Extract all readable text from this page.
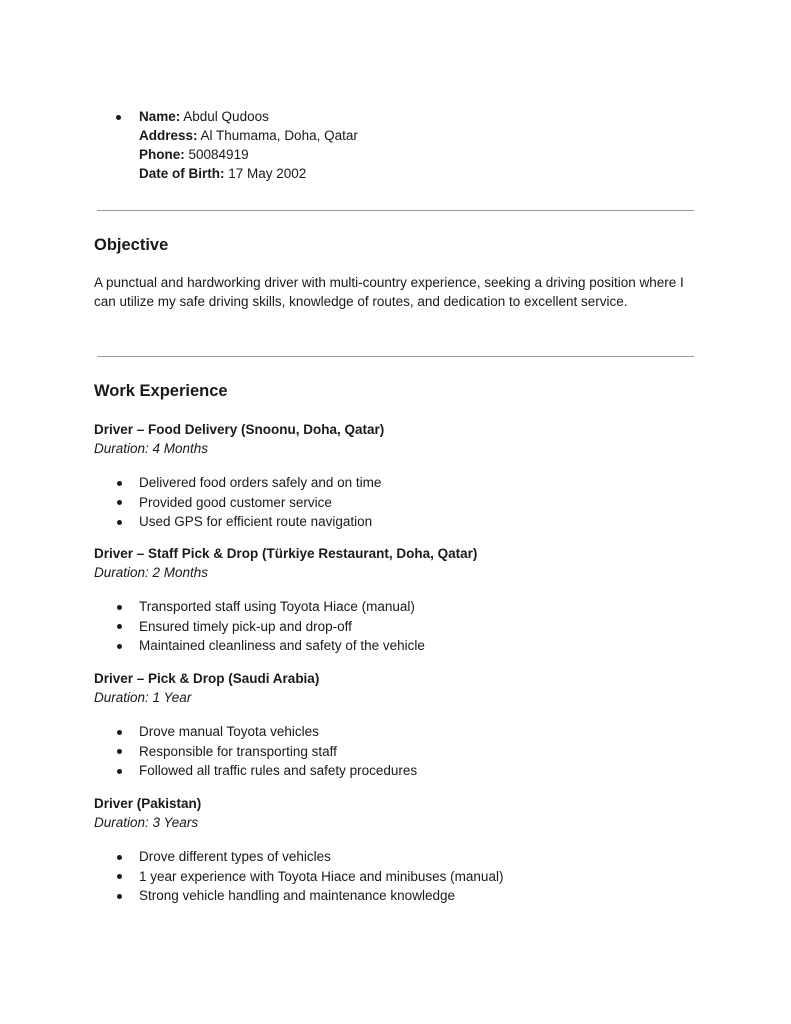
Name: Abdul Qudoos
Address: Al Thumama, Doha, Qatar
Phone: 50084919
Date of Birth: 17 May 2002
Objective
A punctual and hardworking driver with multi-country experience, seeking a driving position where I can utilize my safe driving skills, knowledge of routes, and dedication to excellent service.
Work Experience
Driver – Food Delivery (Snoonu, Doha, Qatar)
Duration: 4 Months
Delivered food orders safely and on time
Provided good customer service
Used GPS for efficient route navigation
Driver – Staff Pick & Drop (Türkiye Restaurant, Doha, Qatar)
Duration: 2 Months
Transported staff using Toyota Hiace (manual)
Ensured timely pick-up and drop-off
Maintained cleanliness and safety of the vehicle
Driver – Pick & Drop (Saudi Arabia)
Duration: 1 Year
Drove manual Toyota vehicles
Responsible for transporting staff
Followed all traffic rules and safety procedures
Driver (Pakistan)
Duration: 3 Years
Drove different types of vehicles
1 year experience with Toyota Hiace and minibuses (manual)
Strong vehicle handling and maintenance knowledge
